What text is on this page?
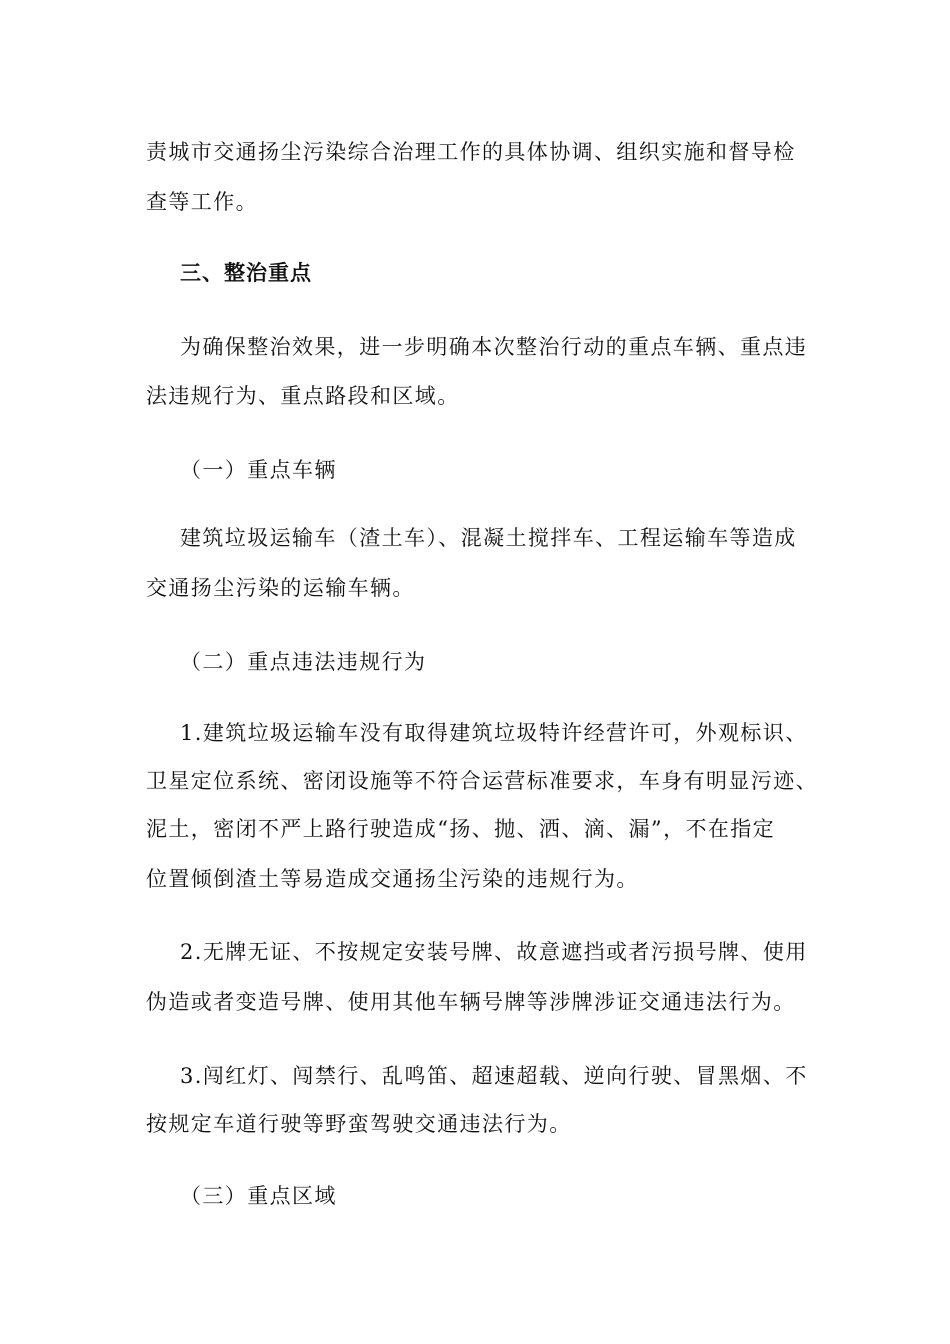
责城市交通扬尘污染综合治理工作的具体协调、组织实施和督导检
查等工作。
三、整治重点
为确保整治效果，进一步明确本次整治行动的重点车辆、重点违
法违规行为、重点路段和区域。
（一）重点车辆
建筑垃圾运输车（渣土车）、混凝土搅拌车、工程运输车等造成
交通扬尘污染的运输车辆。
（二）重点违法违规行为
1.建筑垃圾运输车没有取得建筑垃圾特许经营许可，外观标识、
卫星定位系统、密闭设施等不符合运营标准要求，车身有明显污迹、
泥土，密闭不严上路行驶造成“扬、抛、洒、滴、漏”，不在指定
位置倾倒渣土等易造成交通扬尘污染的违规行为。
2.无牌无证、不按规定安装号牌、故意遮挡或者污损号牌、使用
伪造或者变造号牌、使用其他车辆号牌等涉牌涉证交通违法行为。
3.闯红灯、闯禁行、乱鸣笛、超速超载、逆向行驶、冒黑烟、不
按规定车道行驶等野蛮驾驶交通违法行为。
（三）重点区域
